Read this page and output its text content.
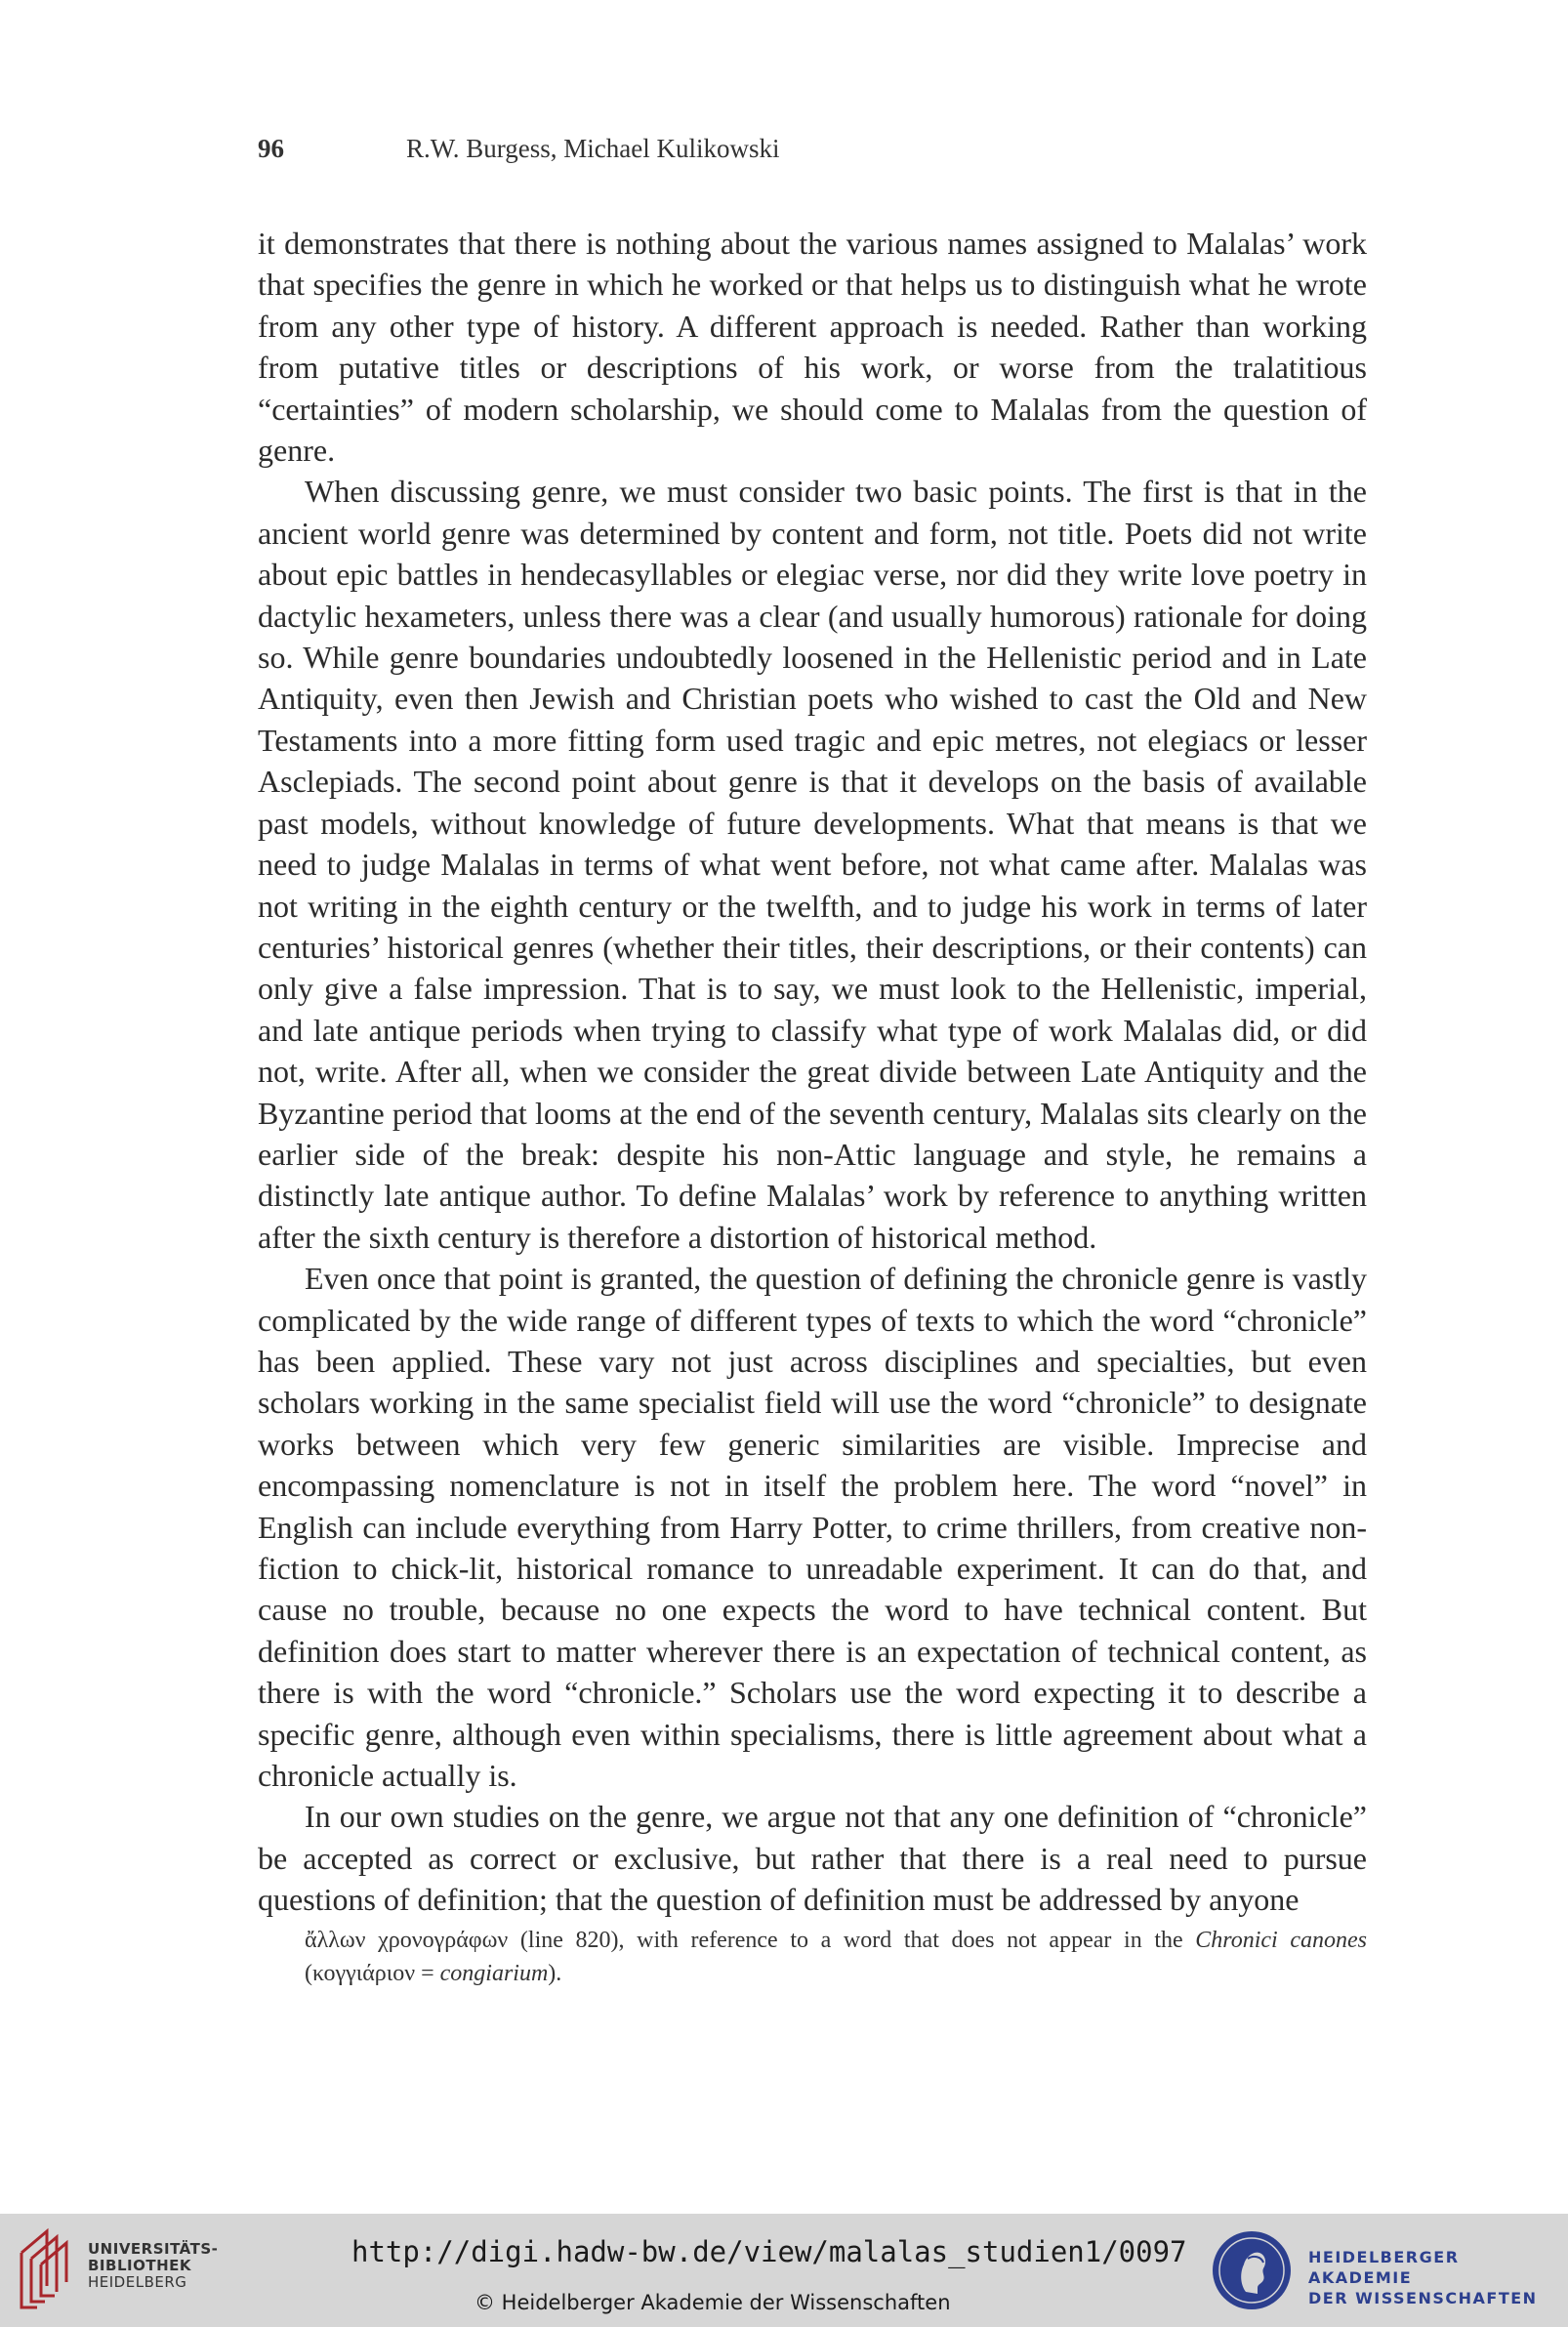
96	R.W. Burgess, Michael Kulikowski

it demonstrates that there is nothing about the various names assigned to Malalas’ work that specifies the genre in which he worked or that helps us to distinguish what he wrote from any other type of history. A different approach is needed. Rather than working from putative titles or descriptions of his work, or worse from the tralatitious “certainties” of modern scholarship, we should come to Malalas from the question of genre.

When discussing genre, we must consider two basic points. The first is that in the ancient world genre was determined by content and form, not title. Poets did not write about epic battles in hendecasyllables or elegiac verse, nor did they write love poetry in dactylic hexameters, unless there was a clear (and usually humorous) rationale for doing so. While genre boundaries undoubtedly loosened in the Hellenistic period and in Late Antiquity, even then Jewish and Christian poets who wished to cast the Old and New Testaments into a more fitting form used tragic and epic metres, not elegiacs or lesser Asclepiads. The second point about genre is that it develops on the basis of available past models, without knowledge of future developments. What that means is that we need to judge Malalas in terms of what went before, not what came after. Malalas was not writing in the eighth century or the twelfth, and to judge his work in terms of later centuries’ historical genres (whether their titles, their descriptions, or their contents) can only give a false impression. That is to say, we must look to the Hellenistic, imperial, and late antique periods when trying to classify what type of work Malalas did, or did not, write. After all, when we consider the great divide between Late Antiquity and the Byzantine period that looms at the end of the seventh century, Malalas sits clearly on the earlier side of the break: despite his non-Attic language and style, he remains a distinctly late antique author. To define Malalas’ work by reference to anything written after the sixth century is therefore a distortion of historical method.

Even once that point is granted, the question of defining the chronicle genre is vastly complicated by the wide range of different types of texts to which the word “chronicle” has been applied. These vary not just across disciplines and specialties, but even scholars working in the same specialist field will use the word “chronicle” to designate works between which very few generic similarities are visible. Imprecise and encompassing nomenclature is not in itself the problem here. The word “novel” in English can include everything from Harry Potter, to crime thrillers, from creative non-fiction to chick-lit, historical romance to unreadable experiment. It can do that, and cause no trouble, because no one expects the word to have technical content. But definition does start to matter wherever there is an expectation of technical content, as there is with the word “chronicle.” Scholars use the word expecting it to describe a specific genre, although even within specialisms, there is little agreement about what a chronicle actually is.

In our own studies on the genre, we argue not that any one definition of “chronicle” be accepted as correct or exclusive, but rather that there is a real need to pursue questions of definition; that the question of definition must be addressed by anyone

ἄλλων χρονογράφων (line 820), with reference to a word that does not appear in the Chronici canones (κογγιάριον = congiarium).
UNIVERSITÄTS-
BIBLIOTHEK
HEIDELBERG
http://digi.hadw-bw.de/view/malalas_studien1/0097
© Heidelberger Akademie der Wissenschaften
HEIDELBERGER AKADEMIE
DER WISSENSCHAFTEN
